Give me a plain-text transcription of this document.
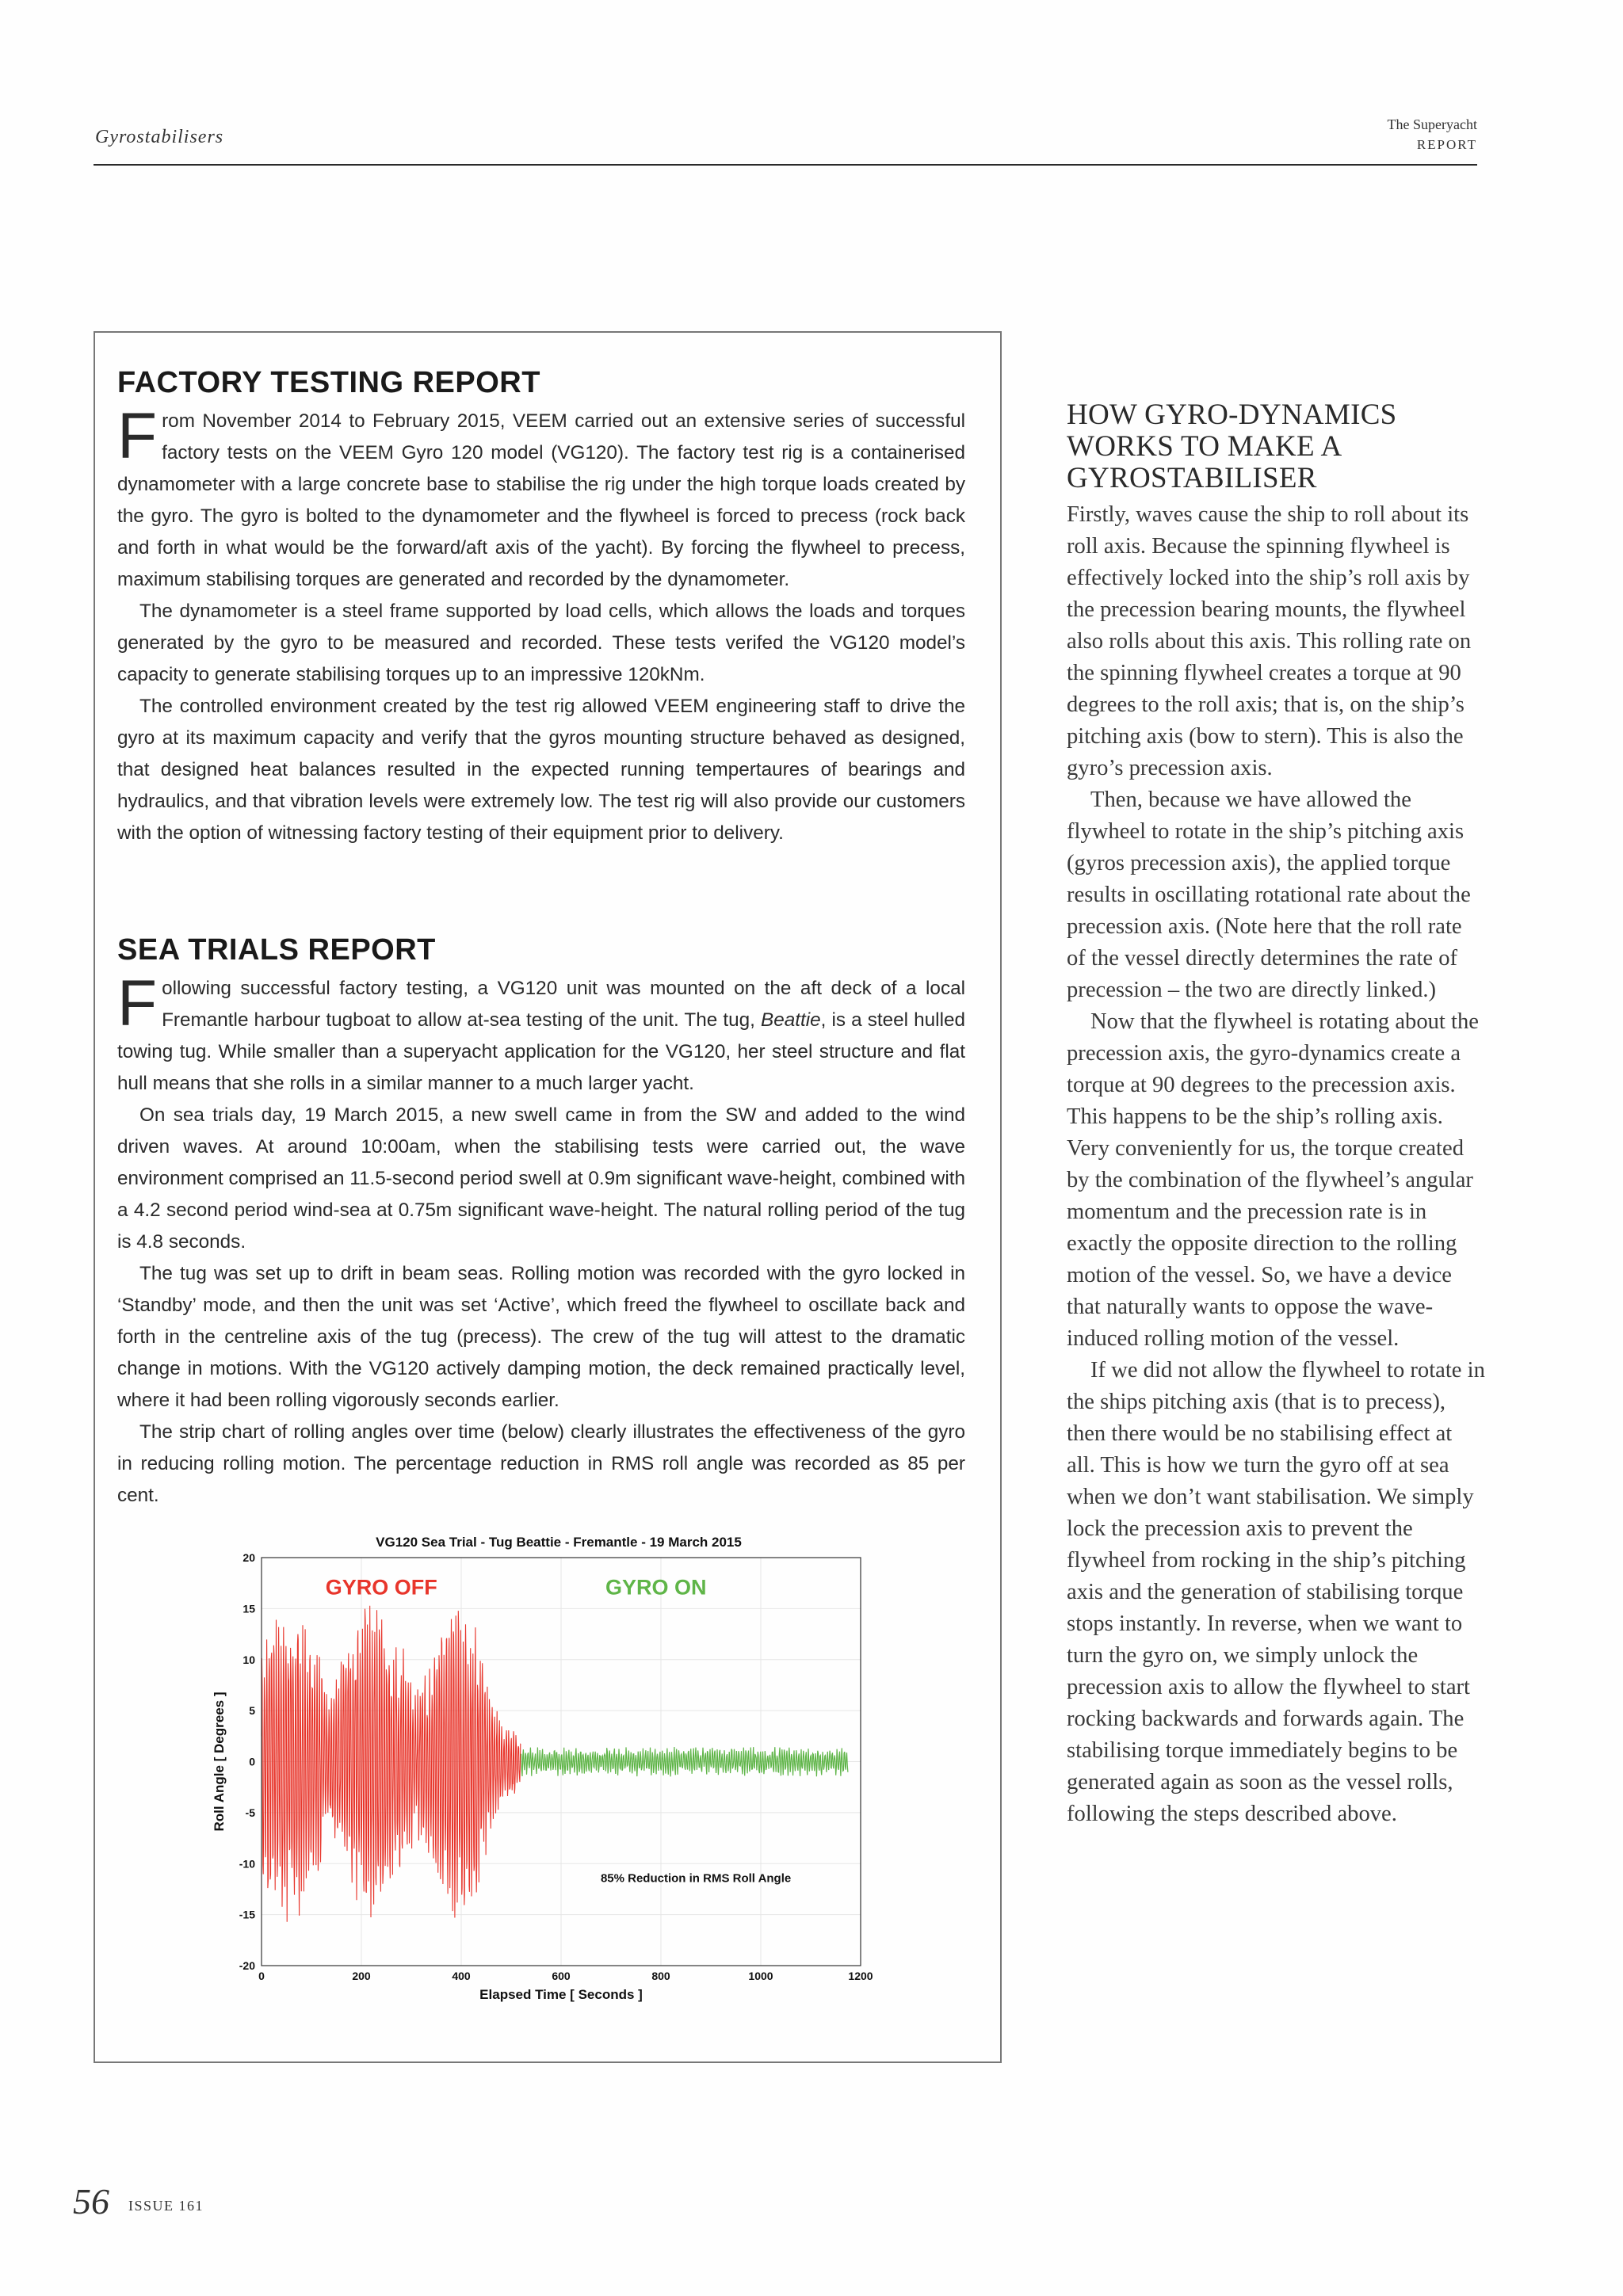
Gyrostabilisers
The Superyacht
REPORT
FACTORY TESTING REPORT

From November 2014 to February 2015, VEEM carried out an extensive series of successful factory tests on the VEEM Gyro 120 model (VG120). The factory test rig is a containerised dynamometer with a large concrete base to stabilise the rig under the high torque loads created by the gyro. The gyro is bolted to the dynamometer and the flywheel is forced to precess (rock back and forth in what would be the forward/aft axis of the yacht). By forcing the flywheel to precess, maximum stabilising torques are generated and recorded by the dynamometer.

The dynamometer is a steel frame supported by load cells, which allows the loads and torques generated by the gyro to be measured and recorded. These tests verifed the VG120 model’s capacity to generate stabilising torques up to an impressive 120kNm.

The controlled environment created by the test rig allowed VEEM engineering staff to drive the gyro at its maximum capacity and verify that the gyros mounting structure behaved as designed, that designed heat balances resulted in the expected running tempertaures of bearings and hydraulics, and that vibration levels were extremely low. The test rig will also provide our customers with the option of witnessing factory testing of their equipment prior to delivery.

SEA TRIALS REPORT

Following successful factory testing, a VG120 unit was mounted on the aft deck of a local Fremantle harbour tugboat to allow at-sea testing of the unit. The tug, Beattie, is a steel hulled towing tug. While smaller than a superyacht application for the VG120, her steel structure and flat hull means that she rolls in a similar manner to a much larger yacht.

On sea trials day, 19 March 2015, a new swell came in from the SW and added to the wind driven waves. At around 10:00am, when the stabilising tests were carried out, the wave environment comprised an 11.5-second period swell at 0.9m significant wave-height, combined with a 4.2 second period wind-sea at 0.75m significant wave-height. The natural rolling period of the tug is 4.8 seconds.

The tug was set up to drift in beam seas. Rolling motion was recorded with the gyro locked in ‘Standby’ mode, and then the unit was set ‘Active’, which freed the flywheel to oscillate back and forth in the centreline axis of the tug (precess). The crew of the tug will attest to the dramatic change in motions. With the VG120 actively damping motion, the deck remained practically level, where it had been rolling vigorously seconds earlier.

The strip chart of rolling angles over time (below) clearly illustrates the effectiveness of the gyro in reducing rolling motion. The percentage reduction in RMS roll angle was recorded as 85 per cent.

VG120 Sea Trial - Tug Beattie - Fremantle - 19 March 2015
0	200	400	600	800	1000	1200
20
15
10
5
0
-5
-10
-15
-20
GYRO OFF	GYRO ON
85% Reduction in RMS Roll Angle
Elapsed Time [ Seconds ]
Roll Angle [ Degrees ]
HOW GYRO-DYNAMICS WORKS TO MAKE A GYROSTABILISER

Firstly, waves cause the ship to roll about its roll axis. Because the spinning flywheel is effectively locked into the ship’s roll axis by the precession bearing mounts, the flywheel also rolls about this axis. This rolling rate on the spinning flywheel creates a torque at 90 degrees to the roll axis; that is, on the ship’s pitching axis (bow to stern). This is also the gyro’s precession axis.

Then, because we have allowed the flywheel to rotate in the ship’s pitching axis (gyros precession axis), the applied torque results in oscillating rotational rate about the precession axis. (Note here that the roll rate of the vessel directly determines the rate of precession – the two are directly linked.)

Now that the flywheel is rotating about the precession axis, the gyro-dynamics create a torque at 90 degrees to the precession axis. This happens to be the ship’s rolling axis. Very conveniently for us, the torque created by the combination of the flywheel’s angular momentum and the precession rate is in exactly the opposite direction to the rolling motion of the vessel. So, we have a device that naturally wants to oppose the wave-induced rolling motion of the vessel.

If we did not allow the flywheel to rotate in the ships pitching axis (that is to precess), then there would be no stabilising effect at all. This is how we turn the gyro off at sea when we don’t want stabilisation. We simply lock the precession axis to prevent the flywheel from rocking in the ship’s pitching axis and the generation of stabilising torque stops instantly. In reverse, when we want to turn the gyro on, we simply unlock the precession axis to allow the flywheel to start rocking backwards and forwards again. The stabilising torque immediately begins to be generated again as soon as the vessel rolls, following the steps described above.

56 ISSUE 161
